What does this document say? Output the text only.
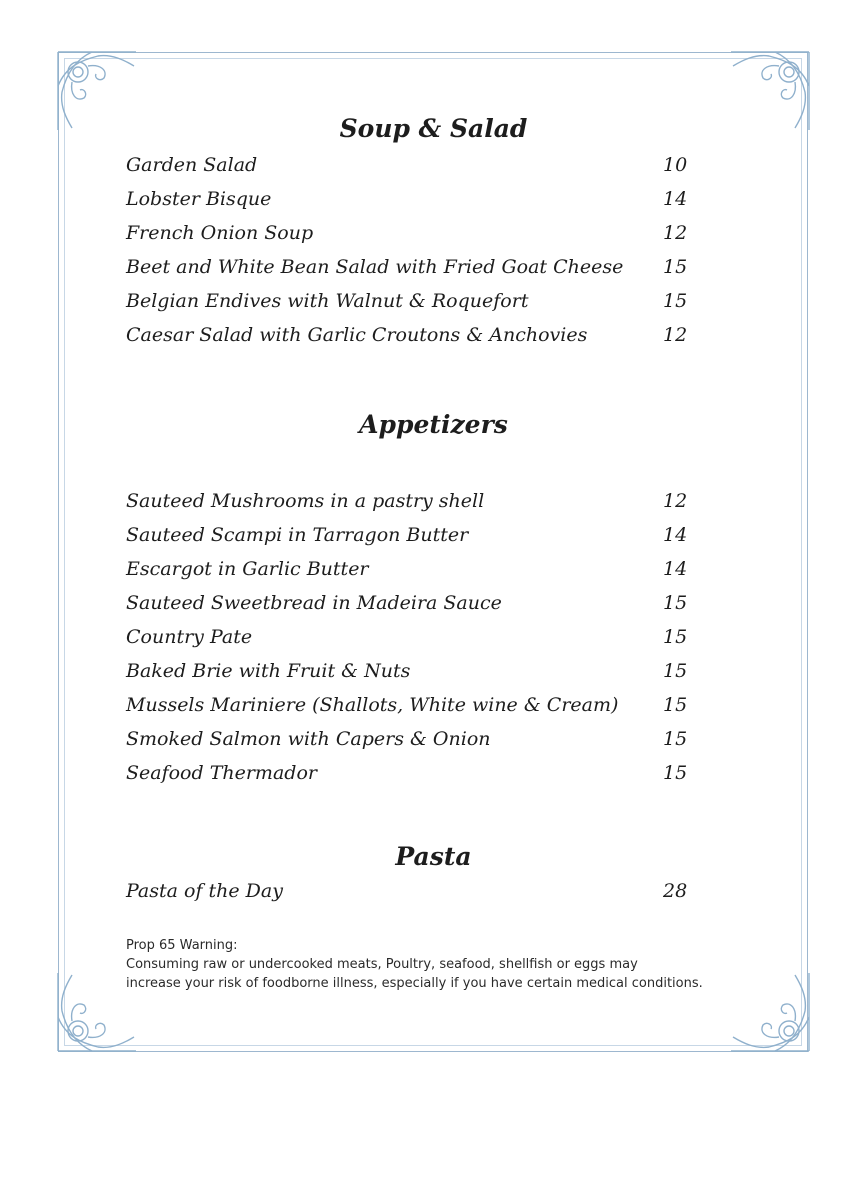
Soup & Salad
Garden Salad	10
Lobster Bisque	14
French Onion Soup	12
Beet and White Bean Salad with Fried Goat Cheese 15
Belgian Endives with Walnut & Roquefort	15
Caesar Salad with Garlic Croutons & Anchovies	12
Appetizers
Sauteed Mushrooms in a pastry shell	12
Sauteed Scampi in Tarragon Butter	14
Escargot in Garlic Butter	14
Sauteed Sweetbread in Madeira Sauce	15
Country Pate	15
Baked Brie with Fruit & Nuts	15
Mussels Mariniere (Shallots, White wine & Cream) 15
Smoked Salmon with Capers & Onion	15
Seafood Thermador	15
Pasta
Pasta of the Day	28

Prop 65 Warning:

Consuming raw or undercooked meats, Poultry, seafood, shellfish or eggs may

increase your risk of foodborne illness, especially if you have certain medical conditions.
